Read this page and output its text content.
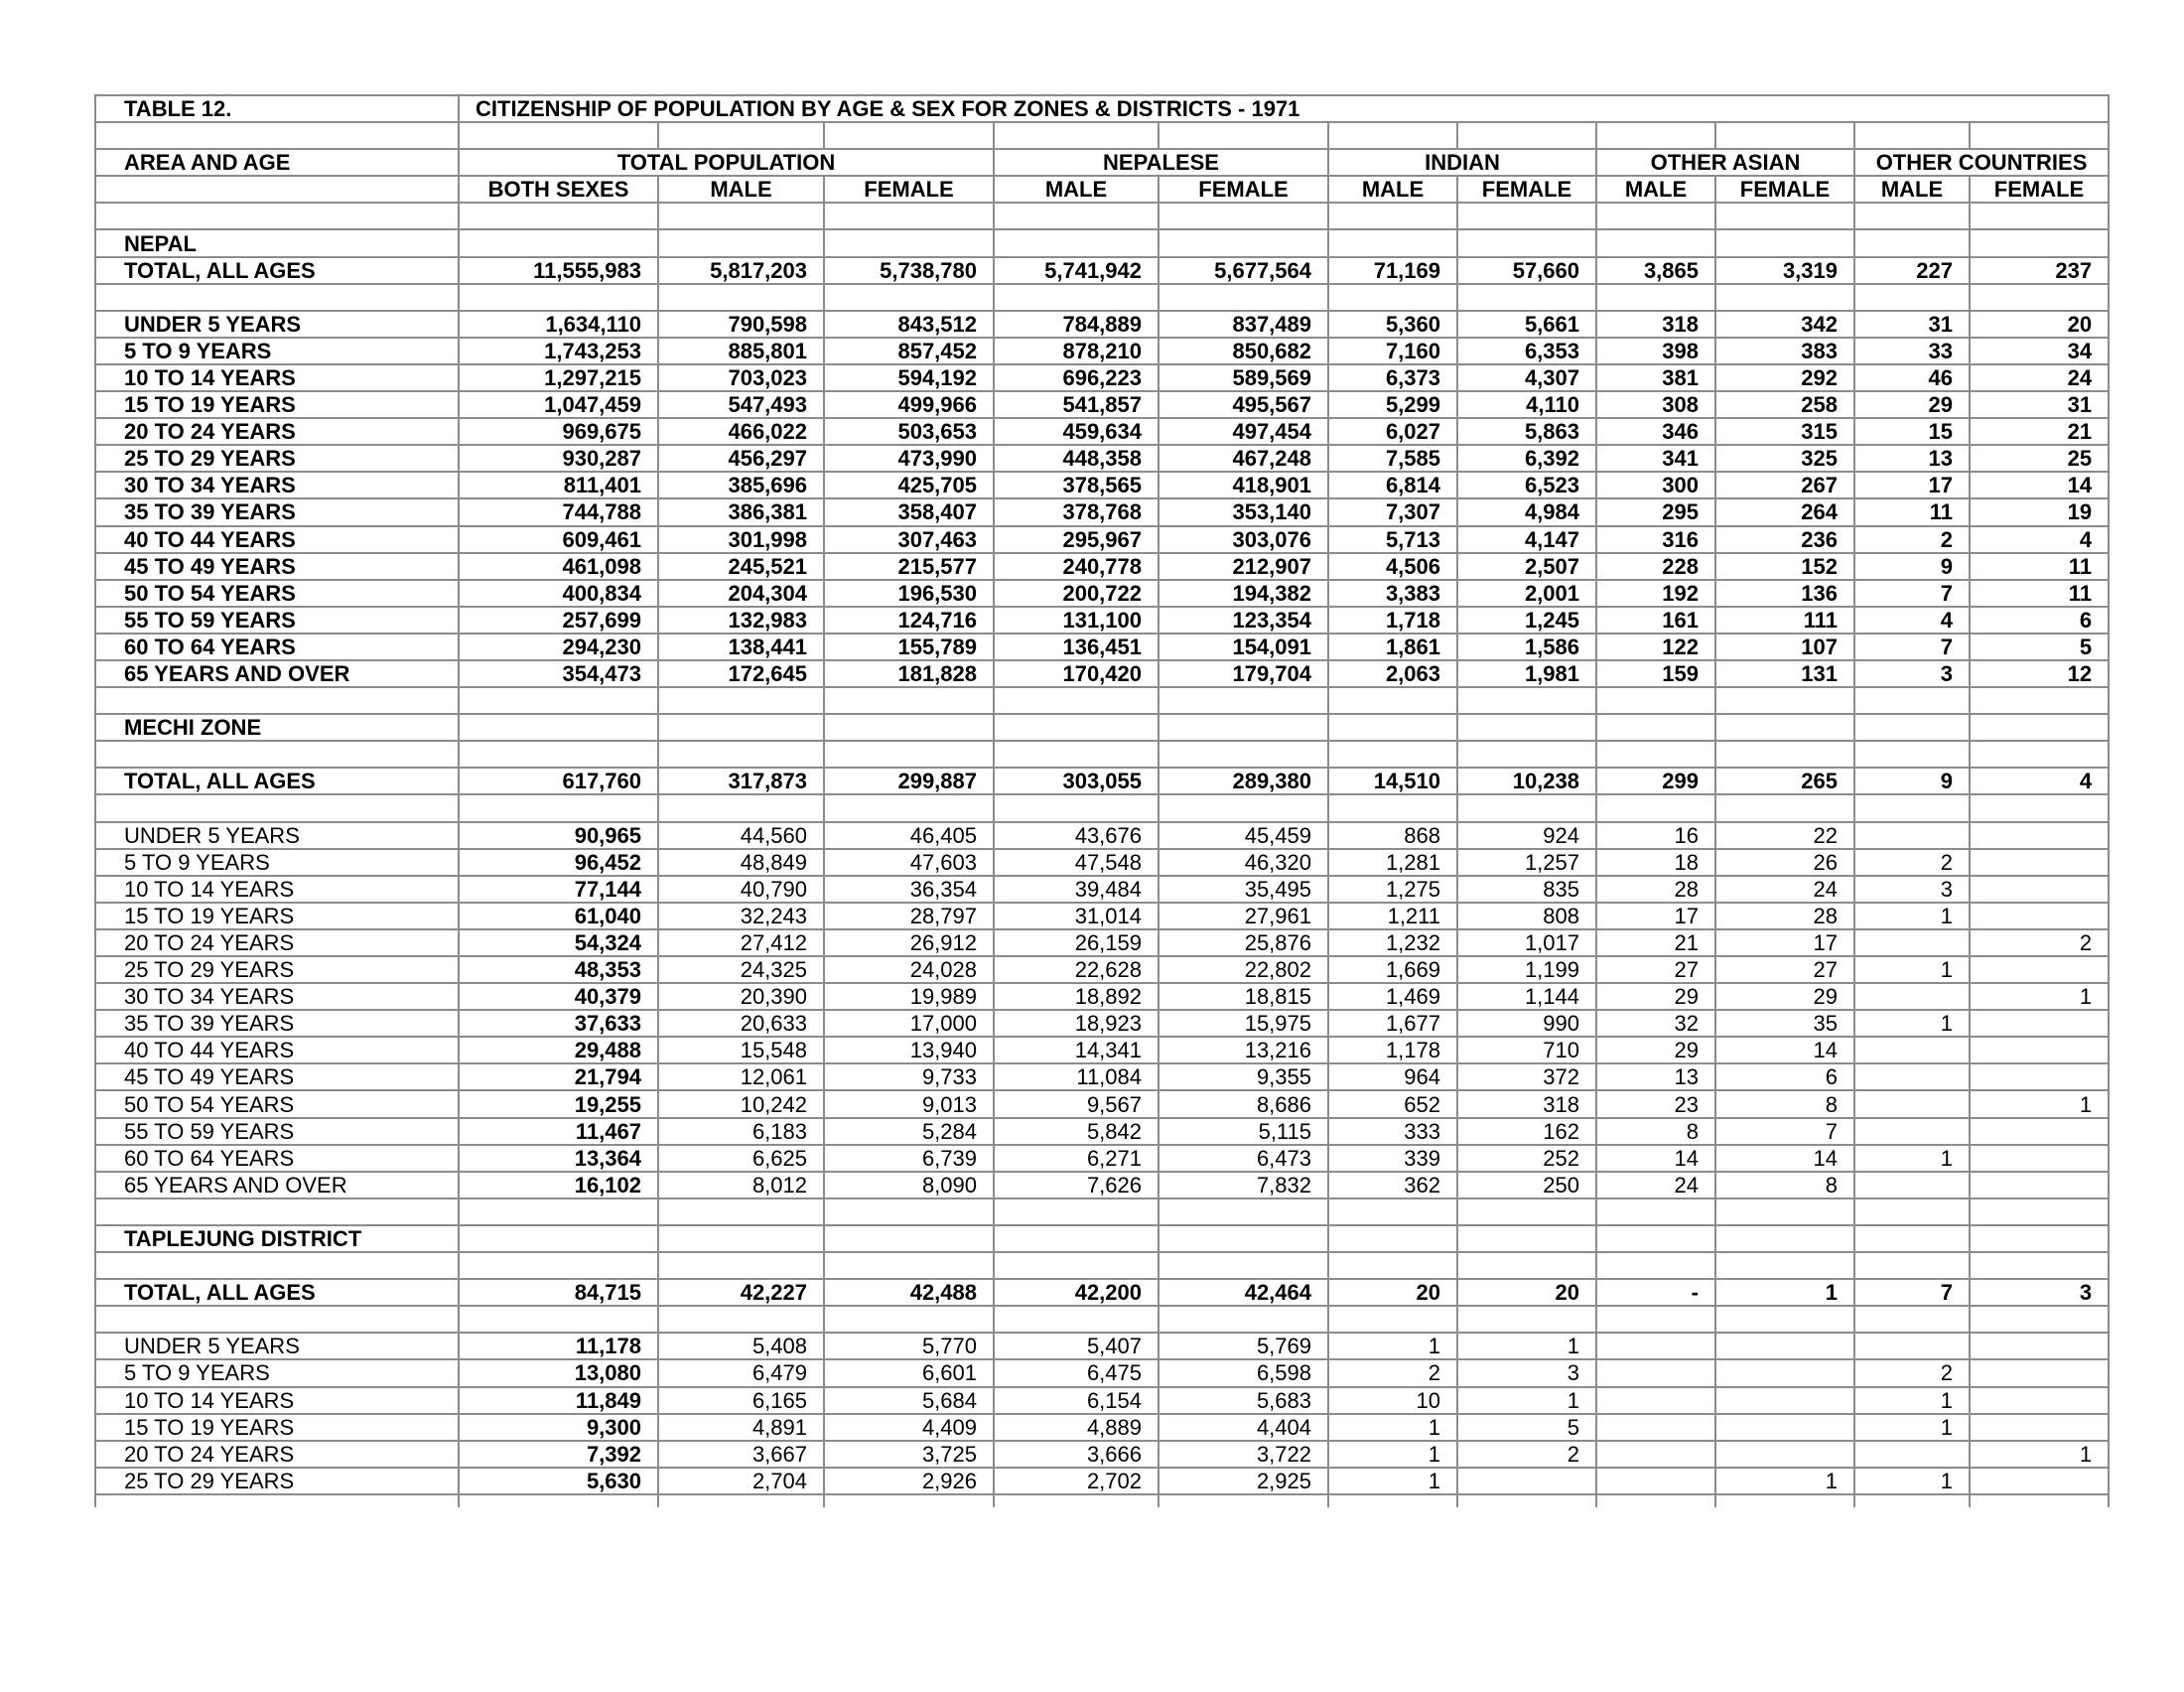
TABLE 12.	CITIZENSHIP OF POPULATION BY AGE & SEX FOR ZONES & DISTRICTS - 1971										

AREA AND AGE	TOTAL POPULATION			NEPALESE		INDIAN		OTHER ASIAN		OTHER COUNTRIES	
	BOTH SEXES	MALE	FEMALE	MALE	FEMALE	MALE	FEMALE	MALE	FEMALE	MALE	FEMALE

NEPAL											
TOTAL, ALL AGES	11,555,983	5,817,203	5,738,780	5,741,942	5,677,564	71,169	57,660	3,865	3,319	227	237

UNDER 5 YEARS	1,634,110	790,598	843,512	784,889	837,489	5,360	5,661	318	342	31	20
5 TO 9 YEARS	1,743,253	885,801	857,452	878,210	850,682	7,160	6,353	398	383	33	34
10 TO 14 YEARS	1,297,215	703,023	594,192	696,223	589,569	6,373	4,307	381	292	46	24
15 TO 19 YEARS	1,047,459	547,493	499,966	541,857	495,567	5,299	4,110	308	258	29	31
20 TO 24 YEARS	969,675	466,022	503,653	459,634	497,454	6,027	5,863	346	315	15	21
25 TO 29 YEARS	930,287	456,297	473,990	448,358	467,248	7,585	6,392	341	325	13	25
30 TO 34 YEARS	811,401	385,696	425,705	378,565	418,901	6,814	6,523	300	267	17	14
35 TO 39 YEARS	744,788	386,381	358,407	378,768	353,140	7,307	4,984	295	264	11	19
40 TO 44 YEARS	609,461	301,998	307,463	295,967	303,076	5,713	4,147	316	236	2	4
45 TO 49 YEARS	461,098	245,521	215,577	240,778	212,907	4,506	2,507	228	152	9	11
50 TO 54 YEARS	400,834	204,304	196,530	200,722	194,382	3,383	2,001	192	136	7	11
55 TO 59 YEARS	257,699	132,983	124,716	131,100	123,354	1,718	1,245	161	111	4	6
60 TO 64 YEARS	294,230	138,441	155,789	136,451	154,091	1,861	1,586	122	107	7	5
65 YEARS AND OVER	354,473	172,645	181,828	170,420	179,704	2,063	1,981	159	131	3	12

MECHI ZONE											

TOTAL, ALL AGES	617,760	317,873	299,887	303,055	289,380	14,510	10,238	299	265	9	4

UNDER 5 YEARS	90,965	44,560	46,405	43,676	45,459	868	924	16	22		
5 TO 9 YEARS	96,452	48,849	47,603	47,548	46,320	1,281	1,257	18	26	2	
10 TO 14 YEARS	77,144	40,790	36,354	39,484	35,495	1,275	835	28	24	3	
15 TO 19 YEARS	61,040	32,243	28,797	31,014	27,961	1,211	808	17	28	1	
20 TO 24 YEARS	54,324	27,412	26,912	26,159	25,876	1,232	1,017	21	17		2
25 TO 29 YEARS	48,353	24,325	24,028	22,628	22,802	1,669	1,199	27	27	1	
30 TO 34 YEARS	40,379	20,390	19,989	18,892	18,815	1,469	1,144	29	29		1
35 TO 39 YEARS	37,633	20,633	17,000	18,923	15,975	1,677	990	32	35	1	
40 TO 44 YEARS	29,488	15,548	13,940	14,341	13,216	1,178	710	29	14		
45 TO 49 YEARS	21,794	12,061	9,733	11,084	9,355	964	372	13	6		
50 TO 54 YEARS	19,255	10,242	9,013	9,567	8,686	652	318	23	8		1
55 TO 59 YEARS	11,467	6,183	5,284	5,842	5,115	333	162	8	7		
60 TO 64 YEARS	13,364	6,625	6,739	6,271	6,473	339	252	14	14	1	
65 YEARS AND OVER	16,102	8,012	8,090	7,626	7,832	362	250	24	8		

TAPLEJUNG DISTRICT											

TOTAL, ALL AGES	84,715	42,227	42,488	42,200	42,464	20	20	-	1	7	3

UNDER 5 YEARS	11,178	5,408	5,770	5,407	5,769	1	1				
5 TO 9 YEARS	13,080	6,479	6,601	6,475	6,598	2	3			2	
10 TO 14 YEARS	11,849	6,165	5,684	6,154	5,683	10	1			1	
15 TO 19 YEARS	9,300	4,891	4,409	4,889	4,404	1	5			1	
20 TO 24 YEARS	7,392	3,667	3,725	3,666	3,722	1	2				1
25 TO 29 YEARS	5,630	2,704	2,926	2,702	2,925	1			1	1	
